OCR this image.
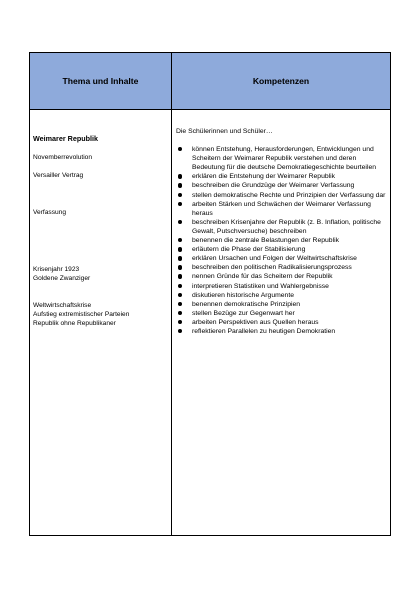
Thema und Inhalte	Kompetenzen
Weimarer Republik
Novemberrevolution
Versailler Vertrag
Verfassung
Krisenjahr 1923
Goldene Zwanziger
Weltwirtschaftskrise
Aufstieg extremistischer Parteien
Republik ohne Republikaner

Die Schülerinnen und Schüler…

können Entstehung, Herausforderungen, Entwicklungen und Scheitern der Weimarer Republik verstehen und deren Bedeutung für die deutsche Demokratiegeschichte beurteilen
erklären die Entstehung der Weimarer Republik
beschreiben die Grundzüge der Weimarer Verfassung
stellen demokratische Rechte und Prinzipien der Verfassung dar
arbeiten Stärken und Schwächen der Weimarer Verfassung heraus
beschreiben Krisenjahre der Republik (z. B. Inflation, politische Gewalt, Putschversuche) beschreiben
benennen die zentrale Belastungen der Republik
erläutern die Phase der Stabilisierung
erklären Ursachen und Folgen der Weltwirtschaftskrise
beschreiben den politischen Radikalisierungsprozess
nennen Gründe für das Scheitern der Republik
interpretieren Statistiken und Wahlergebnisse
diskutieren historische Argumente
benennen demokratische Prinzipien
stellen Bezüge zur Gegenwart her
arbeiten Perspektiven aus Quellen heraus
reflektieren Parallelen zu heutigen Demokratien
